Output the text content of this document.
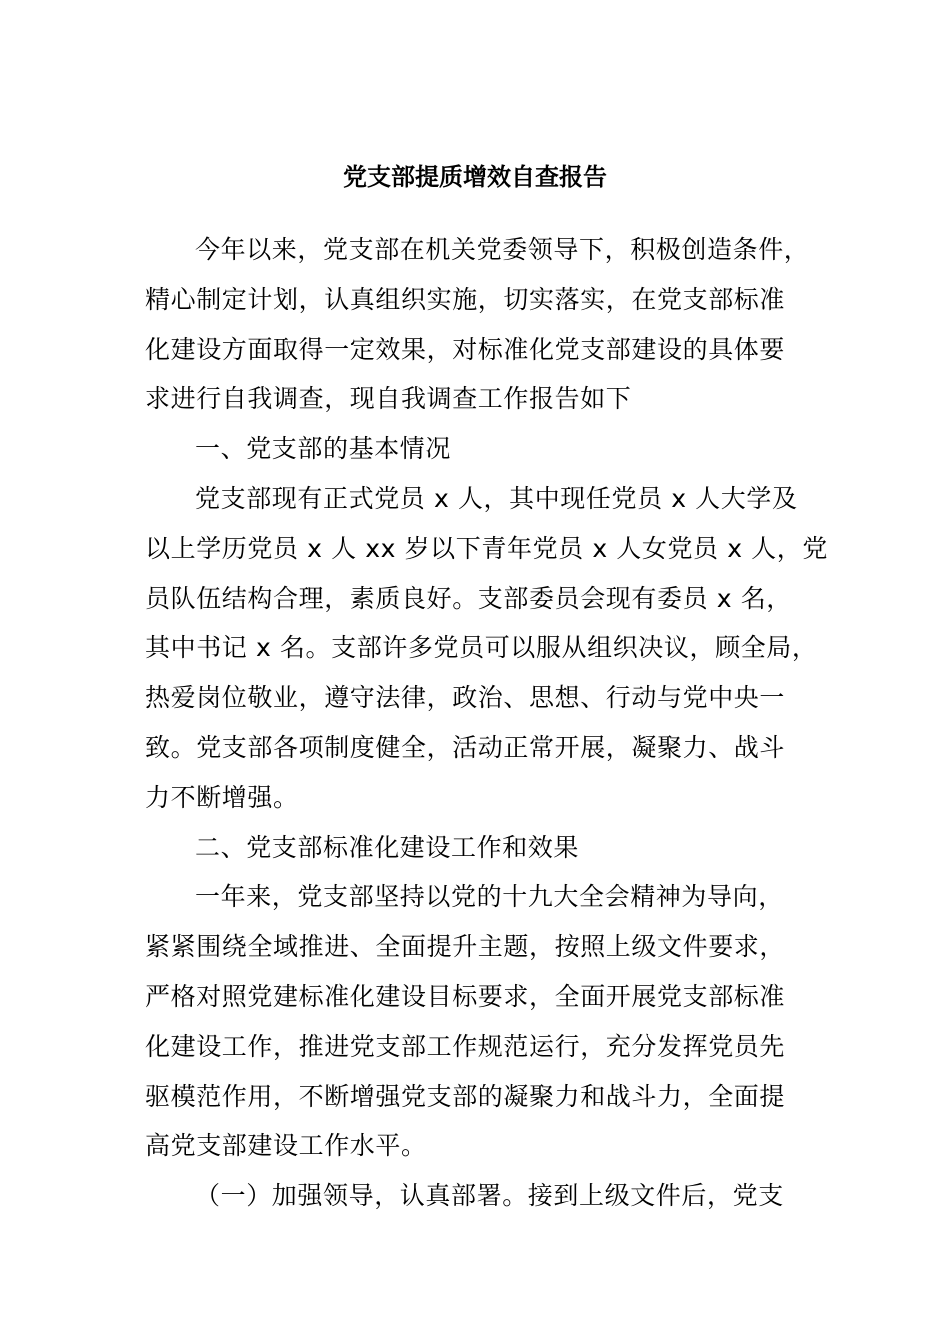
党支部提质增效自查报告
今年以来，党支部在机关党委领导下，积极创造条件，
精心制定计划，认真组织实施，切实落实，在党支部标准
化建设方面取得一定效果，对标准化党支部建设的具体要
求进行自我调查，现自我调查工作报告如下
一、党支部的基本情况
党支部现有正式党员 x 人，其中现任党员 x 人大学及
以上学历党员 x 人 xx 岁以下青年党员 x 人女党员 x 人，党
员队伍结构合理，素质良好。支部委员会现有委员 x 名，
其中书记 x 名。支部许多党员可以服从组织决议，顾全局，
热爱岗位敬业，遵守法律，政治、思想、行动与党中央一
致。党支部各项制度健全，活动正常开展，凝聚力、战斗
力不断增强。
二、党支部标准化建设工作和效果
一年来，党支部坚持以党的十九大全会精神为导向，
紧紧围绕全域推进、全面提升主题，按照上级文件要求，
严格对照党建标准化建设目标要求，全面开展党支部标准
化建设工作，推进党支部工作规范运行，充分发挥党员先
驱模范作用，不断增强党支部的凝聚力和战斗力，全面提
高党支部建设工作水平。
（一）加强领导，认真部署。接到上级文件后，党支
